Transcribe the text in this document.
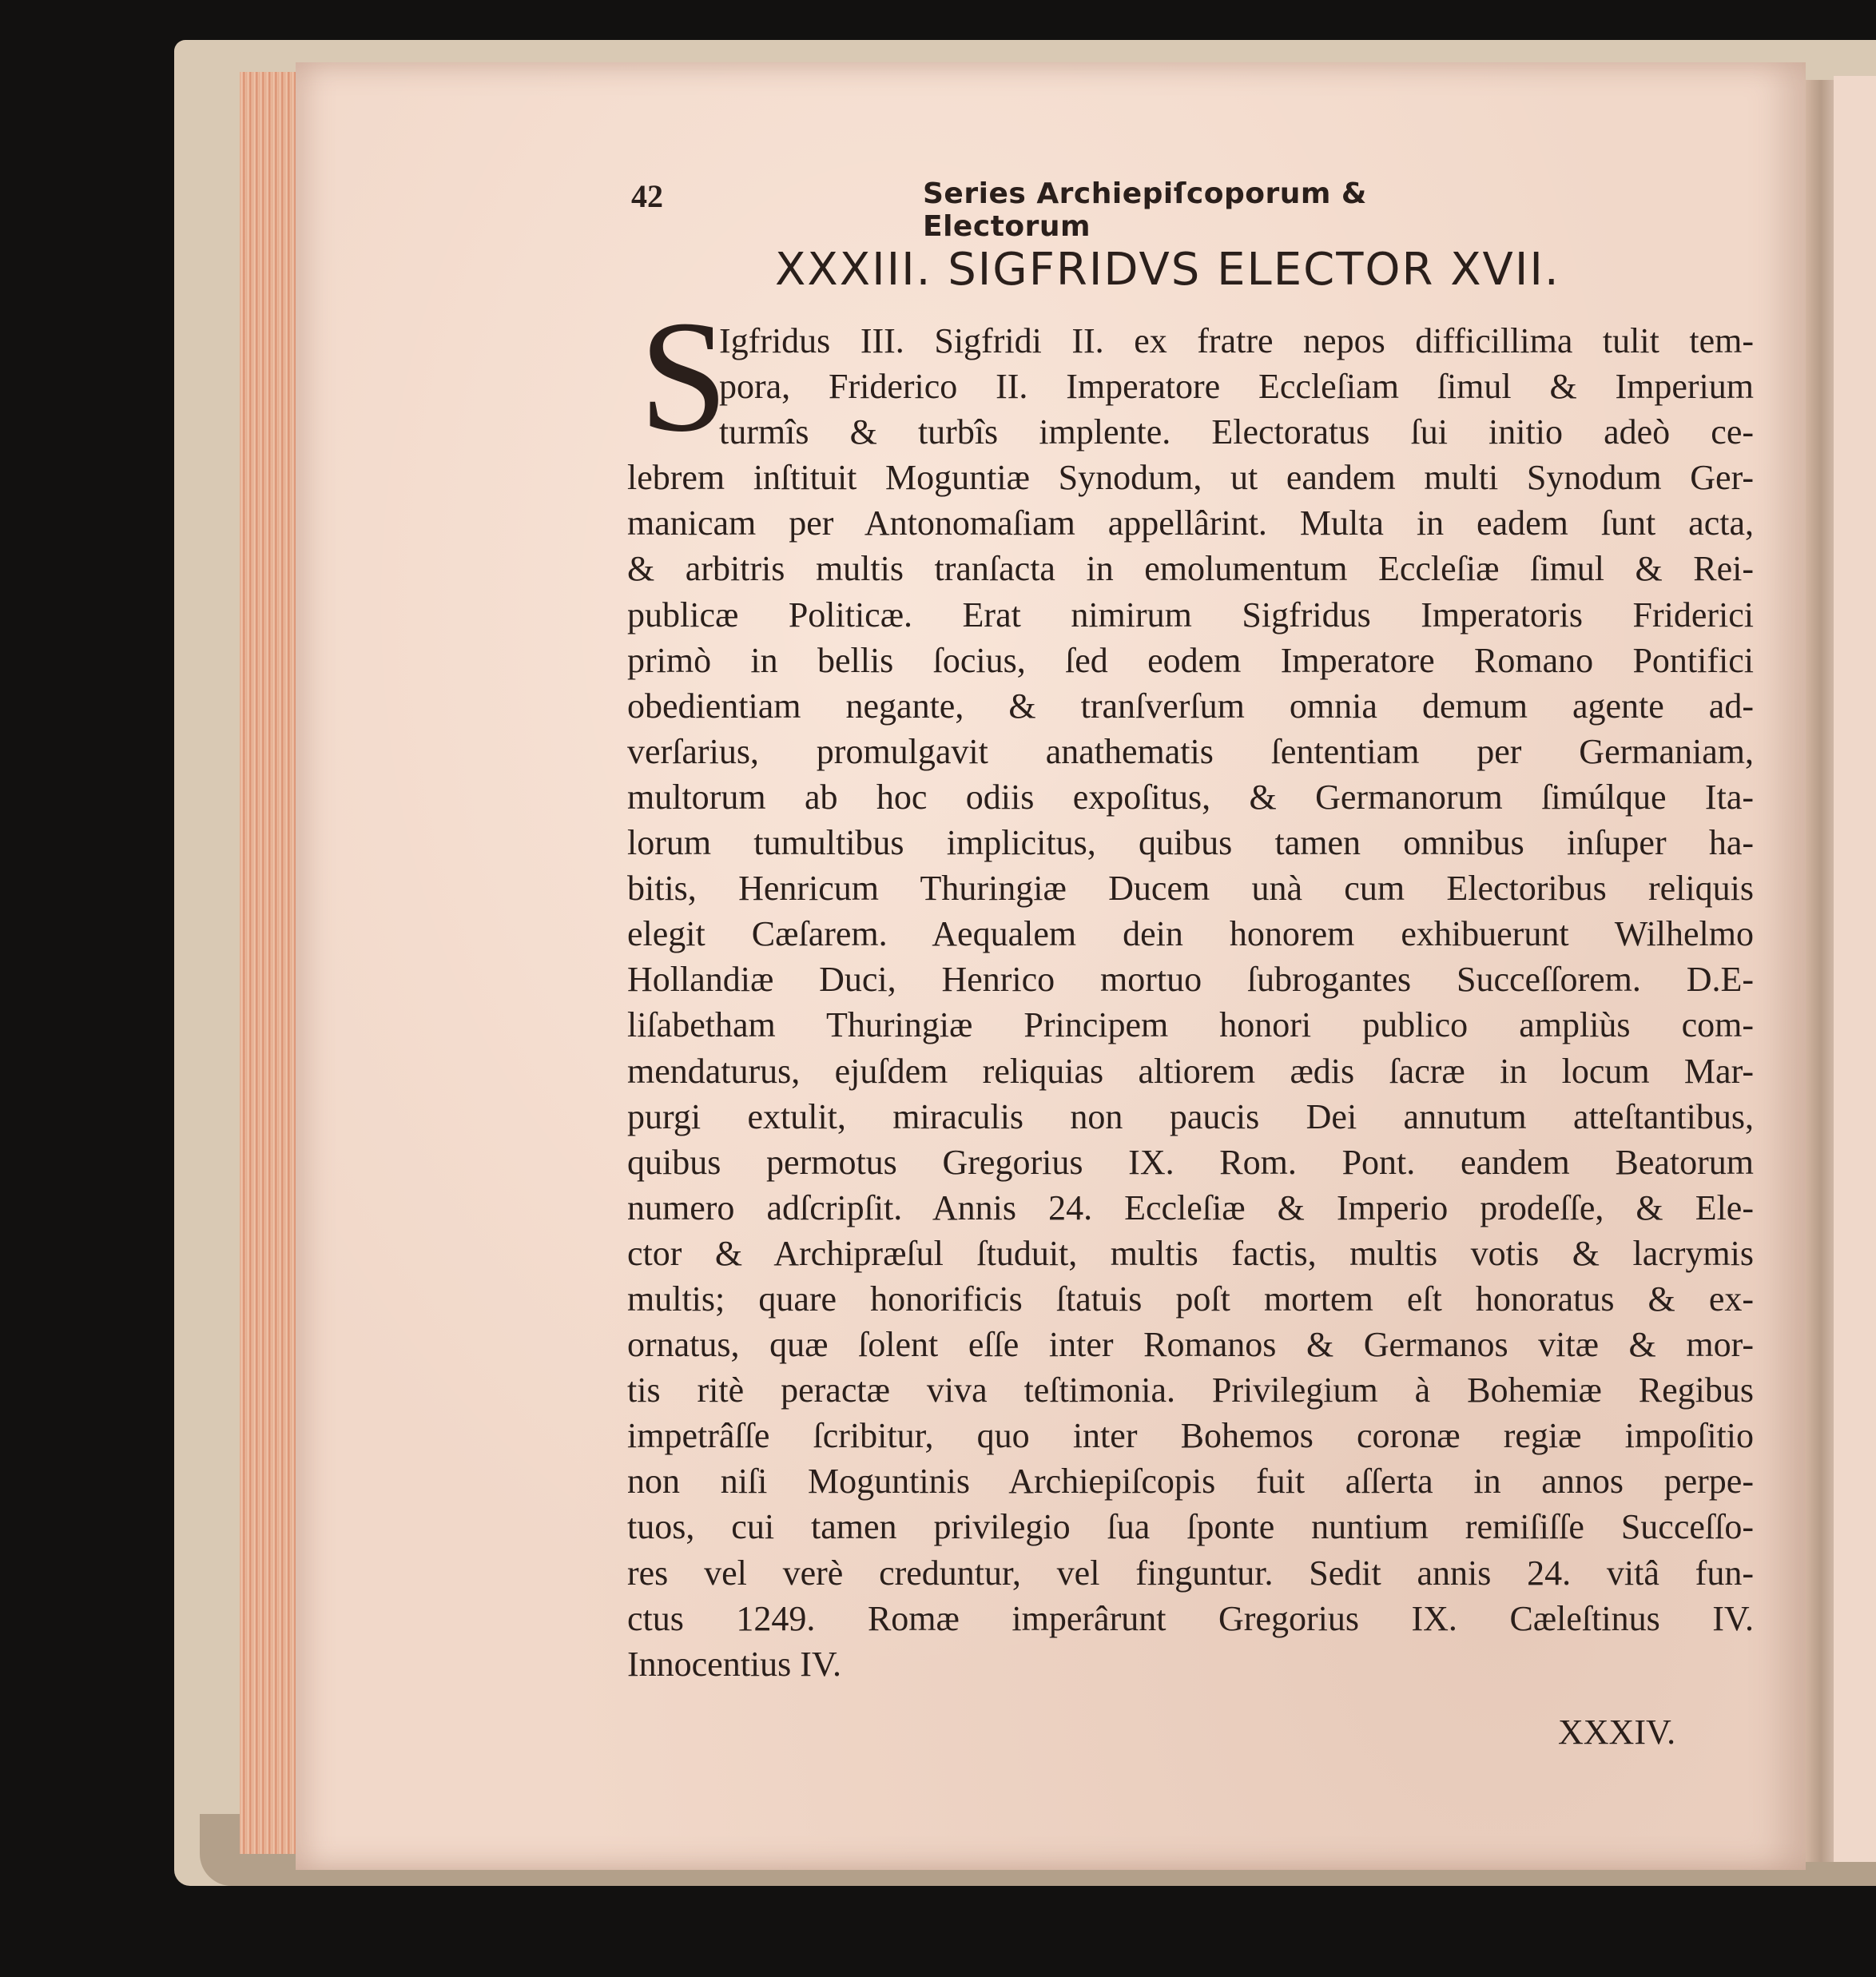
42	Series Archiepiſcoporum & Electorum
XXXIII. SIGFRIDVS ELECTOR XVII.
S
Igfridus III. Sigfridi II. ex fratre nepos difficillima tulit tem-
pora, Friderico II. Imperatore Eccleſiam ſimul & Imperium
turmîs & turbîs implente. Electoratus ſui initio adeò ce-
lebrem inſtituit Moguntiæ Synodum, ut eandem multi Synodum Ger-
manicam per Antonomaſiam appellârint. Multa in eadem ſunt acta,
& arbitris multis tranſacta in emolumentum Eccleſiæ ſimul & Rei-
publicæ Politicæ. Erat nimirum Sigfridus Imperatoris Friderici
primò in bellis ſocius, ſed eodem Imperatore Romano Pontifici
obedientiam negante, & tranſverſum omnia demum agente ad-
verſarius, promulgavit anathematis ſententiam per Germaniam,
multorum ab hoc odiis expoſitus, & Germanorum ſimúlque Ita-
lorum tumultibus implicitus, quibus tamen omnibus inſuper ha-
bitis, Henricum Thuringiæ Ducem unà cum Electoribus reliquis
elegit Cæſarem. Aequalem dein honorem exhibuerunt Wilhelmo
Hollandiæ Duci, Henrico mortuo ſubrogantes Succeſſorem. D.E-
liſabetham Thuringiæ Principem honori publico ampliùs com-
mendaturus, ejuſdem reliquias altiorem ædis ſacræ in locum Mar-
purgi extulit, miraculis non paucis Dei annutum atteſtantibus,
quibus permotus Gregorius IX. Rom. Pont. eandem Beatorum
numero adſcripſit. Annis 24. Eccleſiæ & Imperio prodeſſe, & Ele-
ctor & Archipræſul ſtuduit, multis factis, multis votis & lacrymis
multis; quare honorificis ſtatuis poſt mortem eſt honoratus & ex-
ornatus, quæ ſolent eſſe inter Romanos & Germanos vitæ & mor-
tis ritè peractæ viva teſtimonia. Privilegium à Bohemiæ Regibus
impetrâſſe ſcribitur, quo inter Bohemos coronæ regiæ impoſitio
non niſi Moguntinis Archiepiſcopis fuit aſſerta in annos perpe-
tuos, cui tamen privilegio ſua ſponte nuntium remiſiſſe Succeſſo-
res vel verè creduntur, vel finguntur. Sedit annis 24. vitâ fun-
ctus 1249. Romæ imperârunt Gregorius IX. Cæleſtinus IV.
Innocentius IV.
XXXIV.
